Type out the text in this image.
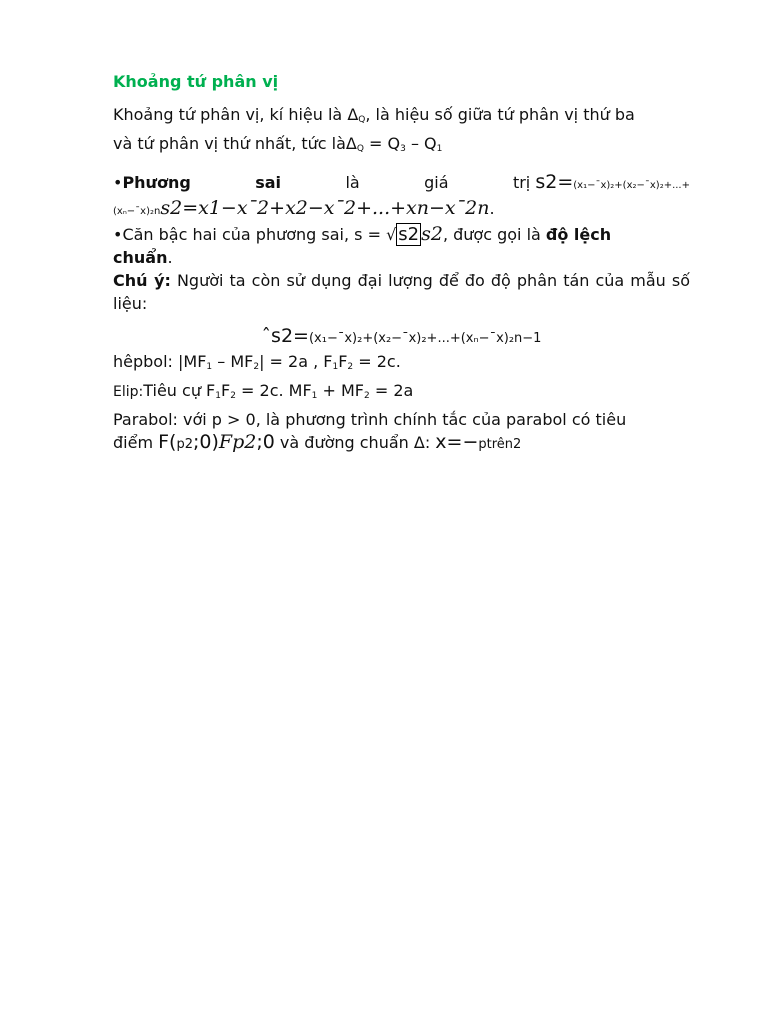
Khoảng tứ phân vị

Khoảng tứ phân vị, kí hiệu là $\Delta_Q$, là hiệu số giữa tứ phân vị thứ ba
và tứ phân vị thứ nhất, tức làΔ$_Q$ = $Q_3 - Q_1$

•Phương	sai	là	giá	trị s2=(x₁−¯x)₂+(x₂−¯x)₂+...+
(xₙ−¯x)₂ns2=x1−x¯2+x2−x¯2+...+xn−x¯2n.

•Căn bậc hai của phương sai, s = √ s2 s2, được gọi là độ lệch
chuẩn.

Chú ý: Người ta còn sử dụng đại lượng để đo độ phân tán của mẫu số liệu:

ˆs2=(x₁−¯x)₂+(x₂−¯x)₂+...+(xₙ−¯x)₂n−1

hêpbol: $|MF_1 - MF_2| = 2a$ , $F_1F_2 = 2c$.

Elip:Tiêu cự $F_1F_2 = 2c$. $MF_1 + MF_2 = 2a$

Parabol: với p > 0, là phương trình chính tắc của parabol có tiêu
điểm F(p2;0)Fp2;0 và đường chuẩn Δ: x=−ptrên2
